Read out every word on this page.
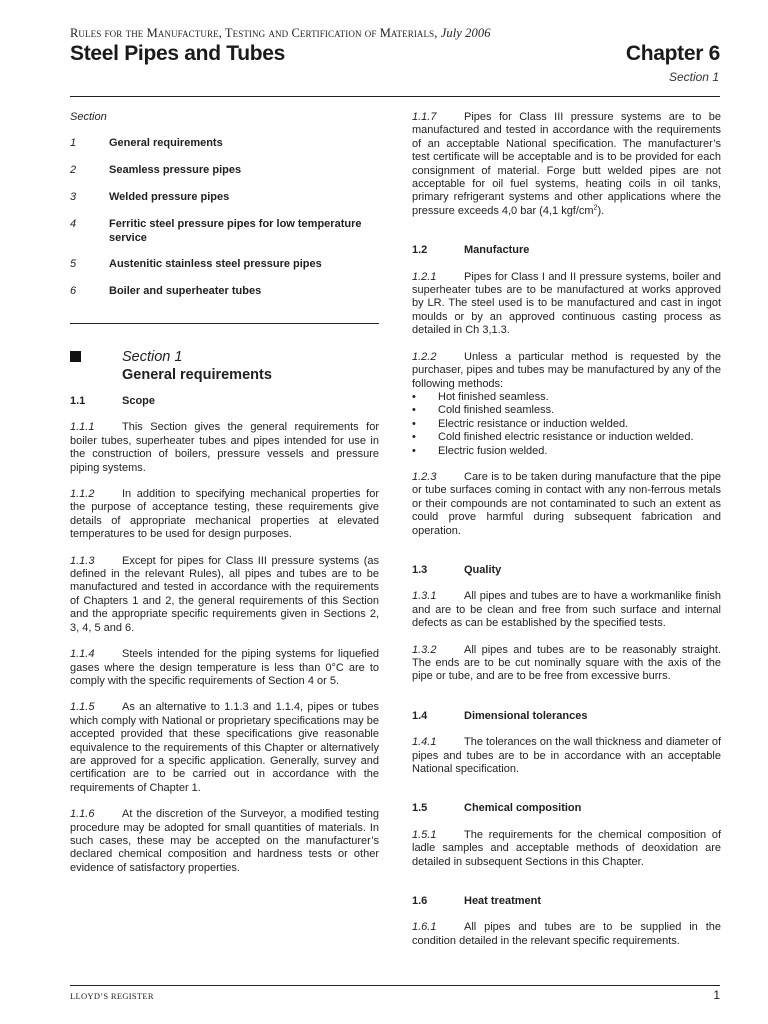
Rules for the Manufacture, Testing and Certification of Materials, July 2006
Steel Pipes and Tubes	Chapter 6
Section 1
Section
1	General requirements
2	Seamless pressure pipes
3	Welded pressure pipes
4	Ferritic steel pressure pipes for low temperature service
5	Austenitic stainless steel pressure pipes
6	Boiler and superheater tubes
Section 1
General requirements
1.1	Scope

1.1.1	This Section gives the general requirements for boiler tubes, superheater tubes and pipes intended for use in the construction of boilers, pressure vessels and pressure piping systems.

1.1.2	In addition to specifying mechanical properties for the purpose of acceptance testing, these requirements give details of appropriate mechanical properties at elevated temperatures to be used for design purposes.

1.1.3	Except for pipes for Class III pressure systems (as defined in the relevant Rules), all pipes and tubes are to be manufactured and tested in accordance with the requirements of Chapters 1 and 2, the general requirements of this Section and the appropriate specific requirements given in Sections 2, 3, 4, 5 and 6.

1.1.4	Steels intended for the piping systems for liquefied gases where the design temperature is less than 0°C are to comply with the specific requirements of Section 4 or 5.

1.1.5	As an alternative to 1.1.3 and 1.1.4, pipes or tubes which comply with National or proprietary specifications may be accepted provided that these specifications give reasonable equivalence to the requirements of this Chapter or alternatively are approved for a specific application. Generally, survey and certification are to be carried out in accordance with the requirements of Chapter 1.

1.1.6	At the discretion of the Surveyor, a modified testing procedure may be adopted for small quantities of materials. In such cases, these may be accepted on the manufacturer’s declared chemical composition and hardness tests or other evidence of satisfactory properties.

1.1.7	Pipes for Class III pressure systems are to be manufactured and tested in accordance with the requirements of an acceptable National specification. The manufacturer’s test certificate will be acceptable and is to be provided for each consignment of material. Forge butt welded pipes are not acceptable for oil fuel systems, heating coils in oil tanks, primary refrigerant systems and other applications where the pressure exceeds 4,0 bar (4,1 kgf/$cm^2$).

1.2	Manufacture

1.2.1	Pipes for Class I and II pressure systems, boiler and superheater tubes are to be manufactured at works approved by LR. The steel used is to be manufactured and cast in ingot moulds or by an approved continuous casting process as detailed in Ch 3,1.3.

1.2.2	Unless a particular method is requested by the purchaser, pipes and tubes may be manufactured by any of the following methods:

•	Hot finished seamless.
•	Cold finished seamless.
•	Electric resistance or induction welded.
•	Cold finished electric resistance or induction welded.
•	Electric fusion welded.

1.2.3	Care is to be taken during manufacture that the pipe or tube surfaces coming in contact with any non-ferrous metals or their compounds are not contaminated to such an extent as could prove harmful during subsequent fabrication and operation.

1.3	Quality

1.3.1	All pipes and tubes are to have a workmanlike finish and are to be clean and free from such surface and internal defects as can be established by the specified tests.

1.3.2	All pipes and tubes are to be reasonably straight. The ends are to be cut nominally square with the axis of the pipe or tube, and are to be free from excessive burrs.

1.4	Dimensional tolerances

1.4.1	The tolerances on the wall thickness and diameter of pipes and tubes are to be in accordance with an acceptable National specification.

1.5	Chemical composition

1.5.1	The requirements for the chemical composition of ladle samples and acceptable methods of deoxidation are detailed in subsequent Sections in this Chapter.

1.6	Heat treatment

1.6.1	All pipes and tubes are to be supplied in the condition detailed in the relevant specific requirements.

LLOYD’S REGISTER	1
